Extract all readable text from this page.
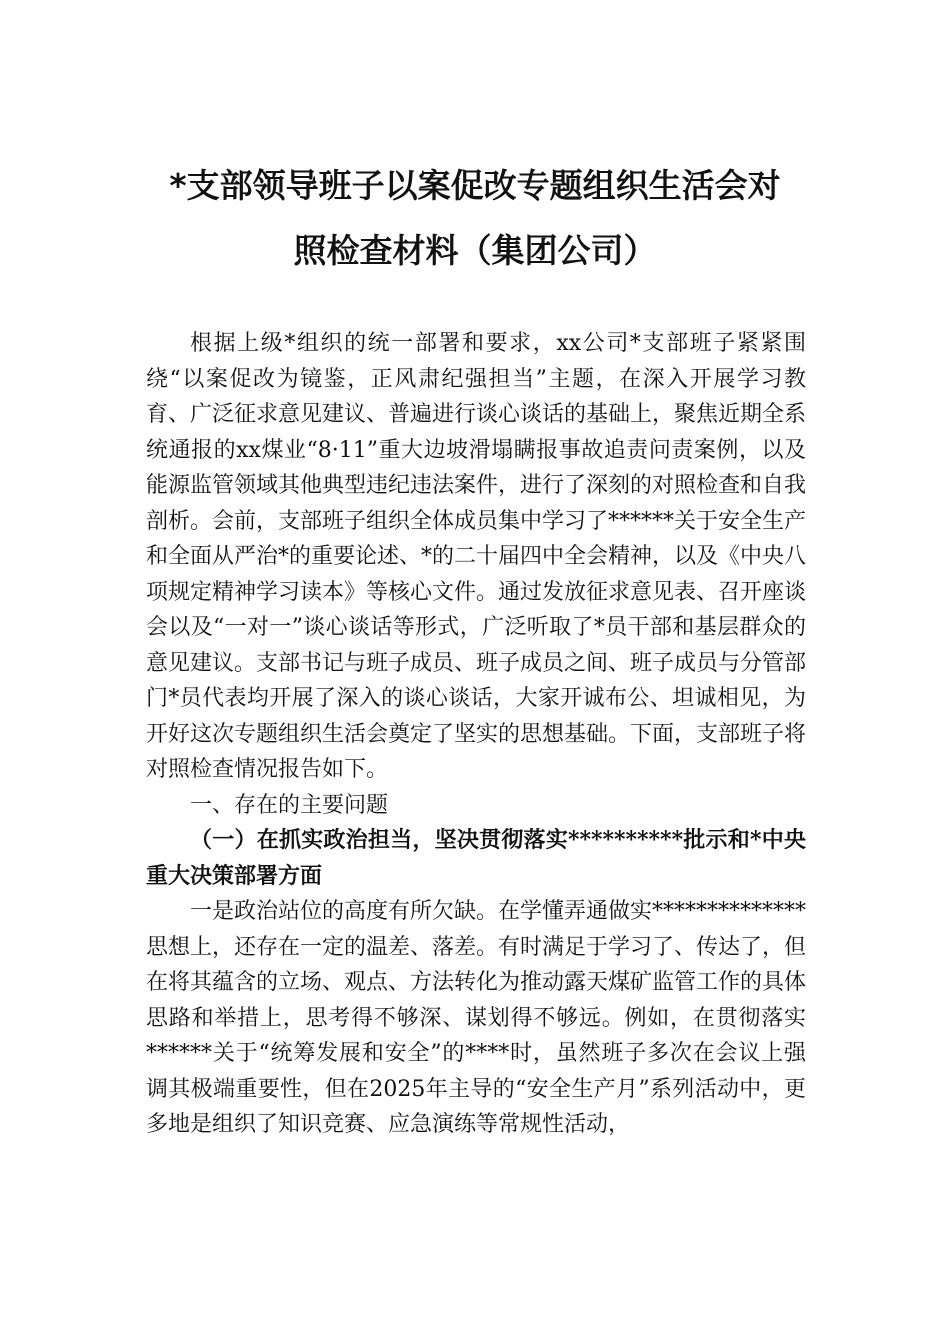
*支部领导班子以案促改专题组织生活会对
照检查材料（集团公司）

根据上级*组织的统一部署和要求，xx公司*支部班子紧紧围绕“以案促改为镜鉴，正风肃纪强担当”主题，在深入开展学习教育、广泛征求意见建议、普遍进行谈心谈话的基础上，聚焦近期全系统通报的xx煤业“8·11”重大边坡滑塌瞒报事故追责问责案例，以及能源监管领域其他典型违纪违法案件，进行了深刻的对照检查和自我剖析。会前，支部班子组织全体成员集中学习了******关于安全生产和全面从严治*的重要论述、*的二十届四中全会精神，以及《中央八项规定精神学习读本》等核心文件。通过发放征求意见表、召开座谈会以及“一对一”谈心谈话等形式，广泛听取了*员干部和基层群众的意见建议。支部书记与班子成员、班子成员之间、班子成员与分管部门*员代表均开展了深入的谈心谈话，大家开诚布公、坦诚相见，为开好这次专题组织生活会奠定了坚实的思想基础。下面，支部班子将对照检查情况报告如下。

一、存在的主要问题

（一）在抓实政治担当，坚决贯彻落实**********批示和*中央重大决策部署方面

一是政治站位的高度有所欠缺。在学懂弄通做实**************思想上，还存在一定的温差、落差。有时满足于学习了、传达了，但在将其蕴含的立场、观点、方法转化为推动露天煤矿监管工作的具体思路和举措上，思考得不够深、谋划得不够远。例如，在贯彻落实******关于“统筹发展和安全”的****时，虽然班子多次在会议上强调其极端重要性，但在2025年主导的“安全生产月”系列活动中，更多地是组织了知识竞赛、应急演练等常规性活动，
